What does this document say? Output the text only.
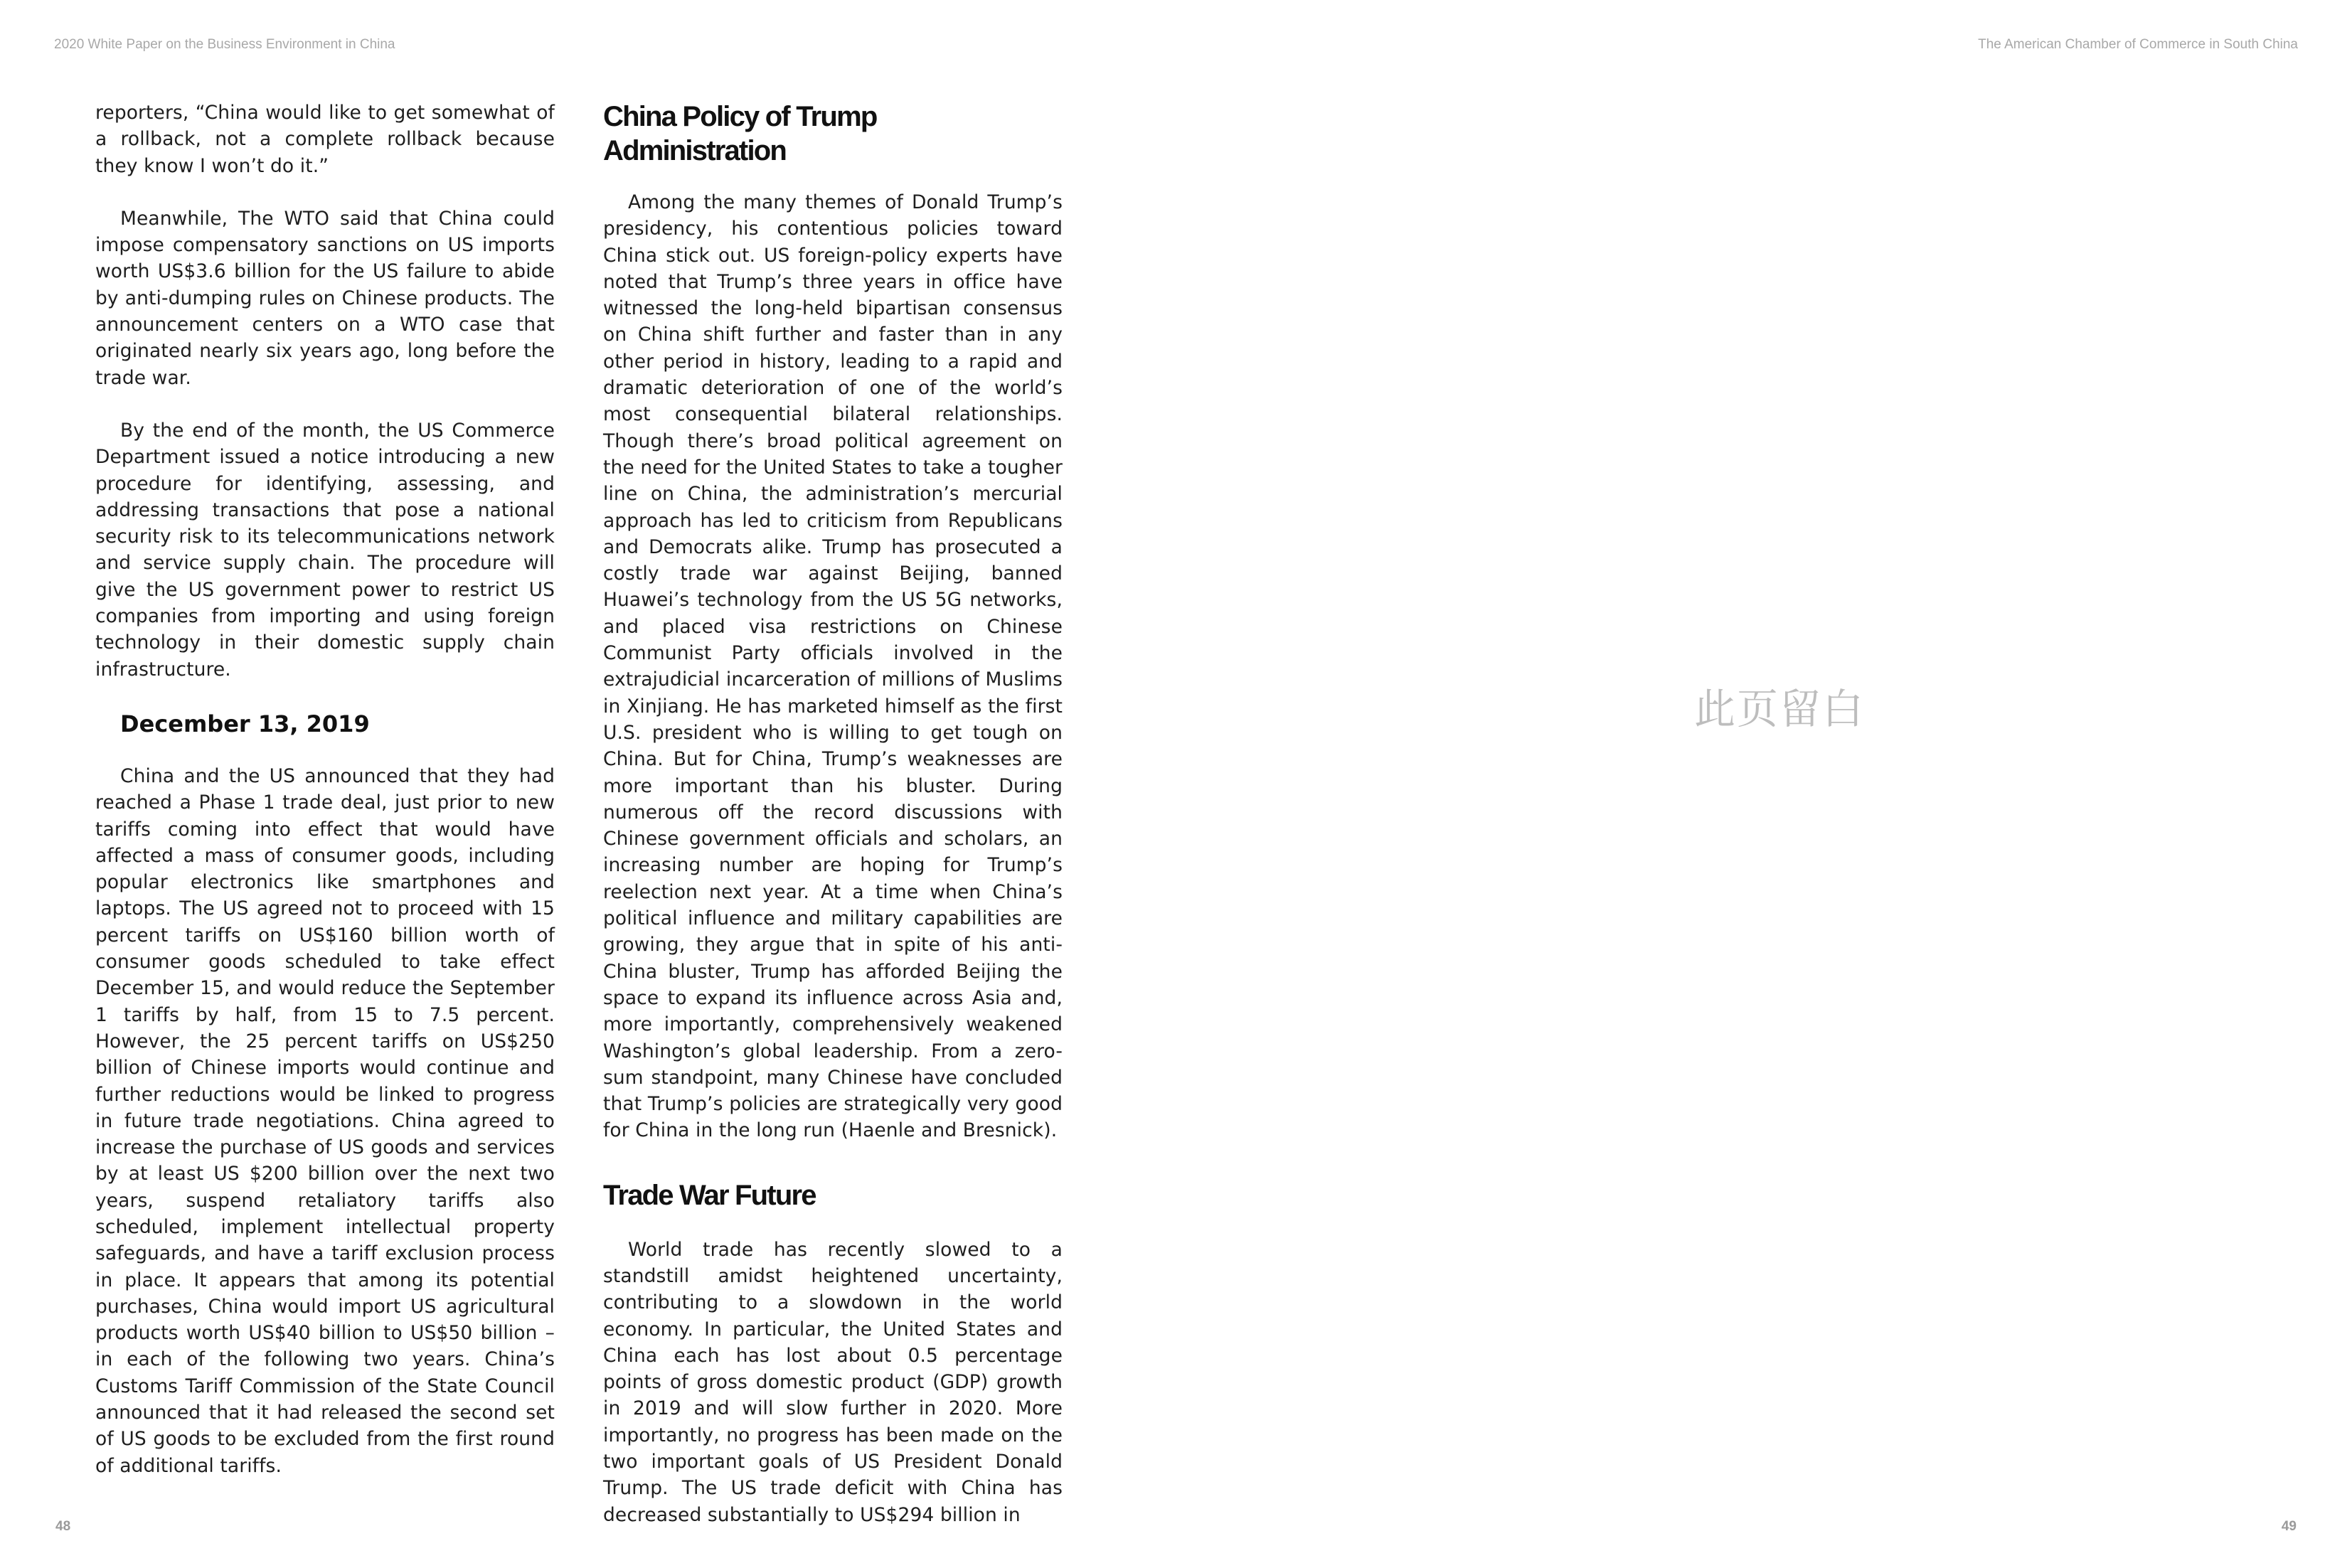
2020 White Paper on the Business Environment in China	The American Chamber of Commerce in South China

reporters, “China would like to get somewhat of a rollback, not a complete rollback because they know I won’t do it.”

Meanwhile, The WTO said that China could impose compensatory sanctions on US imports worth US$3.6 billion for the US failure to abide by anti-dumping rules on Chinese products. The announcement centers on a WTO case that originated nearly six years ago, long before the trade war.

By the end of the month, the US Commerce Department issued a notice introducing a new procedure for identifying, assessing, and addressing transactions that pose a national security risk to its telecommunications network and service supply chain. The procedure will give the US government power to restrict US companies from importing and using foreign technology in their domestic supply chain infrastructure.

December 13, 2019

China and the US announced that they had reached a Phase 1 trade deal, just prior to new tariffs coming into effect that would have affected a mass of consumer goods, including popular electronics like smartphones and laptops. The US agreed not to proceed with 15 percent tariffs on US$160 billion worth of consumer goods scheduled to take effect December 15, and would reduce the September 1 tariffs by half, from 15 to 7.5 percent. However, the 25 percent tariffs on US$250 billion of Chinese imports would continue and further reductions would be linked to progress in future trade negotiations. China agreed to increase the purchase of US goods and services by at least US $200 billion over the next two years, suspend retaliatory tariffs also scheduled, implement intellectual property safeguards, and have a tariff exclusion process in place. It appears that among its potential purchases, China would import US agricultural products worth US$40 billion to US$50 billion – in each of the following two years. China’s Customs Tariff Commission of the State Council announced that it had released the second set of US goods to be excluded from the first round of additional tariffs.

China Policy of Trump Administration

Among the many themes of Donald Trump’s presidency, his contentious policies toward China stick out. US foreign-policy experts have noted that Trump’s three years in office have witnessed the long-held bipartisan consensus on China shift further and faster than in any other period in history, leading to a rapid and dramatic deterioration of one of the world’s most consequential bilateral relationships. Though there’s broad political agreement on the need for the United States to take a tougher line on China, the administration’s mercurial approach has led to criticism from Republicans and Democrats alike. Trump has prosecuted a costly trade war against Beijing, banned Huawei’s technology from the US 5G networks, and placed visa restrictions on Chinese Communist Party officials involved in the extrajudicial incarceration of millions of Muslims in Xinjiang. He has marketed himself as the first U.S. president who is willing to get tough on China. But for China, Trump’s weaknesses are more important than his bluster. During numerous off the record discussions with Chinese government officials and scholars, an increasing number are hoping for Trump’s reelection next year. At a time when China’s political influence and military capabilities are growing, they argue that in spite of his anti-China bluster, Trump has afforded Beijing the space to expand its influence across Asia and, more importantly, comprehensively weakened Washington’s global leadership. From a zero-sum standpoint, many Chinese have concluded that Trump’s policies are strategically very good for China in the long run (Haenle and Bresnick).

Trade War Future

World trade has recently slowed to a standstill amidst heightened uncertainty, contributing to a slowdown in the world economy. In particular, the United States and China each has lost about 0.5 percentage points of gross domestic product (GDP) growth in 2019 and will slow further in 2020. More importantly, no progress has been made on the two important goals of US President Donald Trump. The US trade deficit with China has decreased substantially to US$294 billion in

此页留白
48	49
